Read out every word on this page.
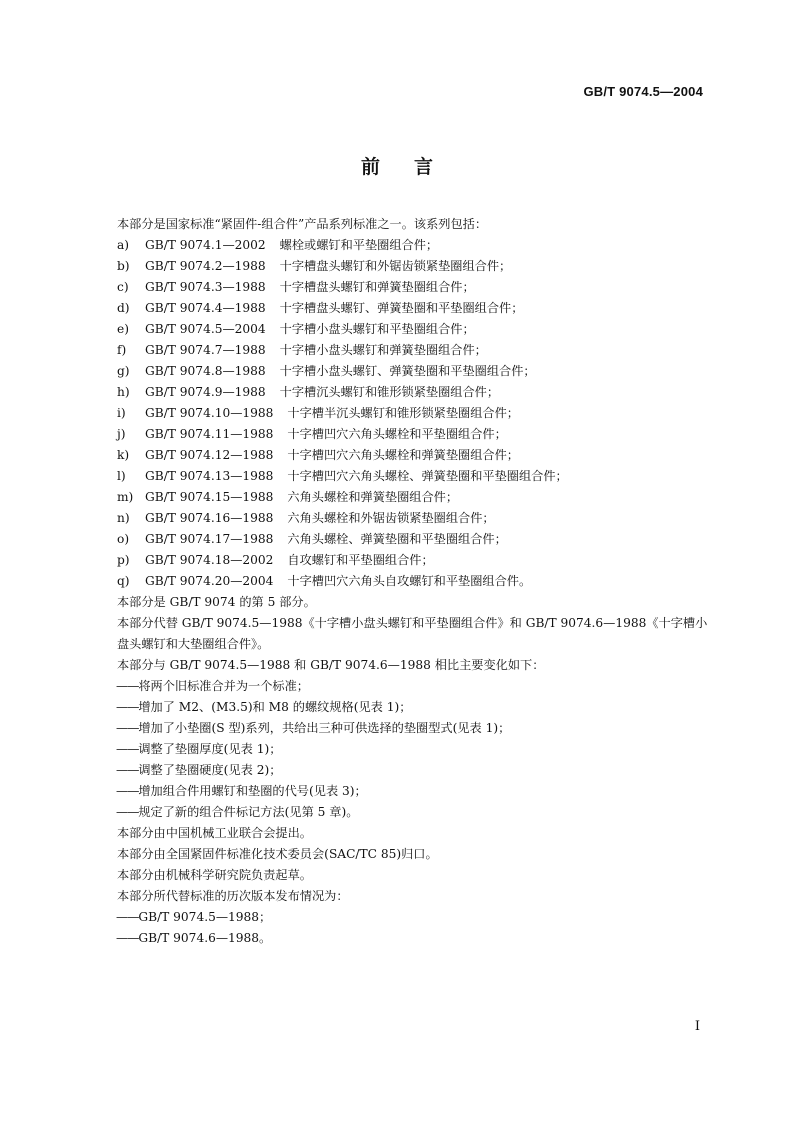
GB/T 9074.5—2004
前言
本部分是国家标准“紧固件-组合件”产品系列标准之一。该系列包括：
a)	GB/T 9074.1—2002 螺栓或螺钉和平垫圈组合件；
b)	GB/T 9074.2—1988 十字槽盘头螺钉和外锯齿锁紧垫圈组合件；
c)	GB/T 9074.3—1988 十字槽盘头螺钉和弹簧垫圈组合件；
d)	GB/T 9074.4—1988 十字槽盘头螺钉、弹簧垫圈和平垫圈组合件；
e)	GB/T 9074.5—2004 十字槽小盘头螺钉和平垫圈组合件；
f)	GB/T 9074.7—1988 十字槽小盘头螺钉和弹簧垫圈组合件；
g)	GB/T 9074.8—1988 十字槽小盘头螺钉、弹簧垫圈和平垫圈组合件；
h)	GB/T 9074.9—1988 十字槽沉头螺钉和锥形锁紧垫圈组合件；
i)	GB/T 9074.10—1988 十字槽半沉头螺钉和锥形锁紧垫圈组合件；
j)	GB/T 9074.11—1988 十字槽凹穴六角头螺栓和平垫圈组合件；
k)	GB/T 9074.12—1988 十字槽凹穴六角头螺栓和弹簧垫圈组合件；
l)	GB/T 9074.13—1988 十字槽凹穴六角头螺栓、弹簧垫圈和平垫圈组合件；
m) GB/T 9074.15—1988 六角头螺栓和弹簧垫圈组合件；
n)	GB/T 9074.16—1988 六角头螺栓和外锯齿锁紧垫圈组合件；
o)	GB/T 9074.17—1988 六角头螺栓、弹簧垫圈和平垫圈组合件；
p)	GB/T 9074.18—2002 自攻螺钉和平垫圈组合件；
q)	GB/T 9074.20—2004 十字槽凹穴六角头自攻螺钉和平垫圈组合件。
本部分是 GB/T 9074 的第 5 部分。
本部分代替 GB/T 9074.5—1988《十字槽小盘头螺钉和平垫圈组合件》和 GB/T 9074.6—1988《十字槽小盘头螺钉和大垫圈组合件》。
本部分与 GB/T 9074.5—1988 和 GB/T 9074.6—1988 相比主要变化如下：
——将两个旧标准合并为一个标准；
——增加了 M2、(M3.5)和 M8 的螺纹规格(见表 1)；
——增加了小垫圈(S 型)系列，共给出三种可供选择的垫圈型式(见表 1)；
——调整了垫圈厚度(见表 1)；
——调整了垫圈硬度(见表 2)；
——增加组合件用螺钉和垫圈的代号(见表 3)；
——规定了新的组合件标记方法(见第 5 章)。
本部分由中国机械工业联合会提出。
本部分由全国紧固件标准化技术委员会(SAC/TC 85)归口。
本部分由机械科学研究院负责起草。
本部分所代替标准的历次版本发布情况为：
——GB/T 9074.5—1988；
——GB/T 9074.6—1988。
I
